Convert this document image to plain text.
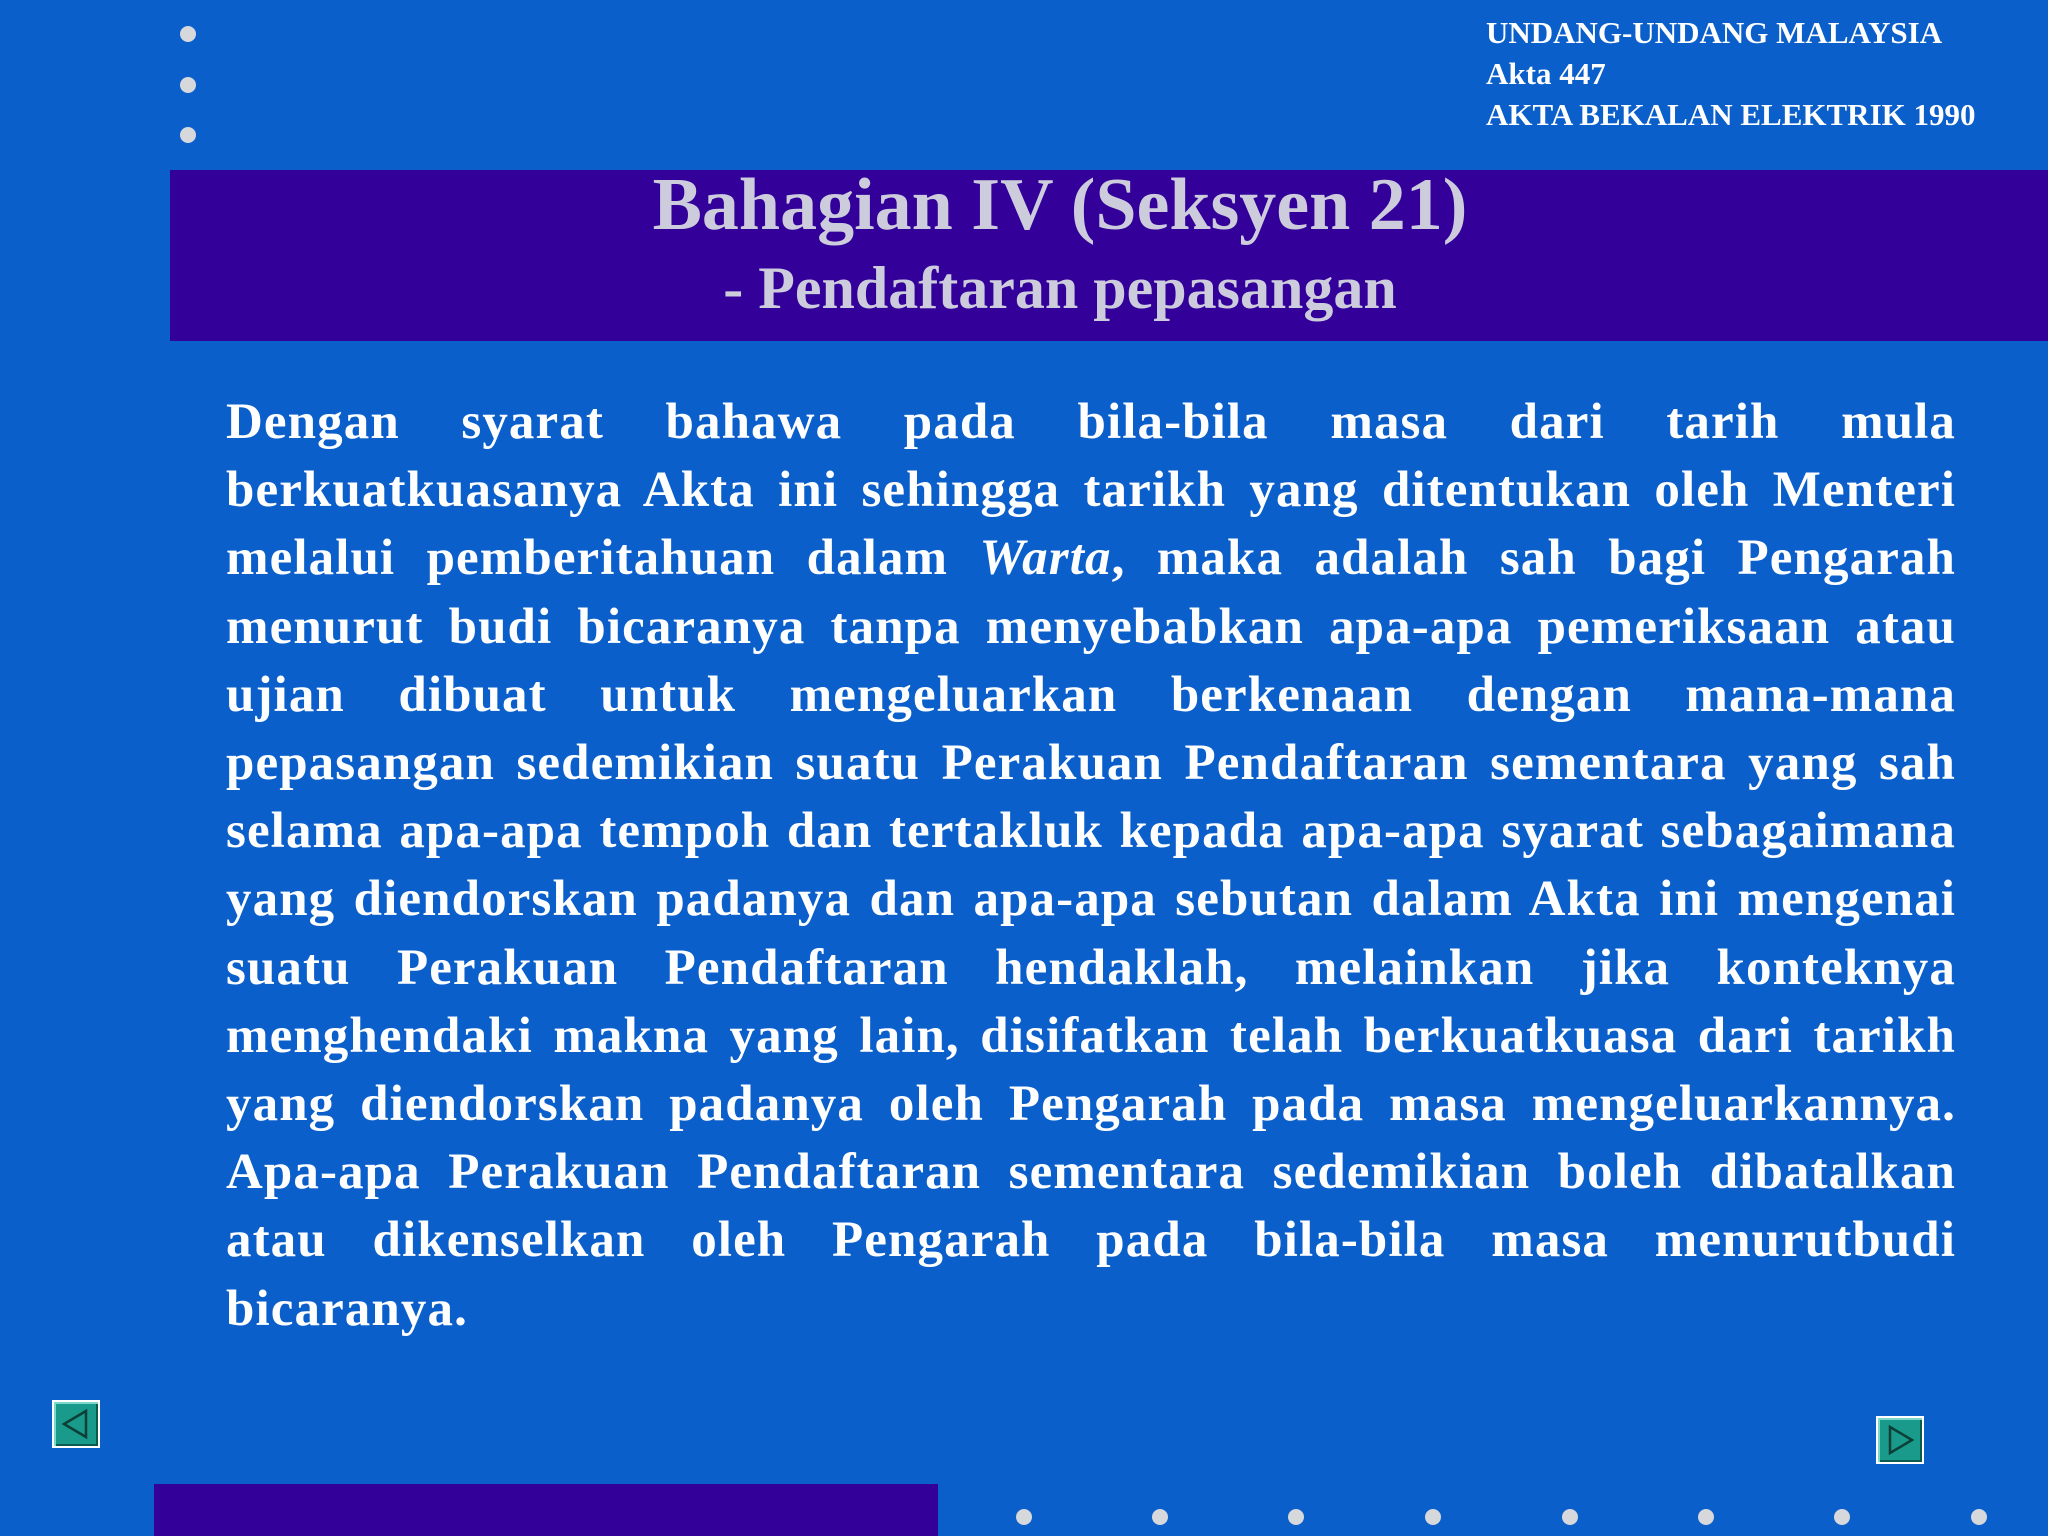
UNDANG-UNDANG MALAYSIA
Akta 447
AKTA BEKALAN ELEKTRIK 1990
Bahagian IV (Seksyen 21)
- Pendaftaran pepasangan
Dengan syarat bahawa pada bila-bila masa dari tarih mula berkuatkuasanya Akta ini sehingga tarikh yang ditentukan oleh Menteri melalui pemberitahuan dalam Warta, maka adalah sah bagi Pengarah menurut budi bicaranya tanpa menyebabkan apa-apa pemeriksaan atau ujian dibuat untuk mengeluarkan berkenaan dengan mana-mana pepasangan sedemikian suatu Perakuan Pendaftaran sementara yang sah selama apa-apa tempoh dan tertakluk kepada apa-apa syarat sebagaimana yang diendorskan padanya dan apa-apa sebutan dalam Akta ini mengenai suatu Perakuan Pendaftaran hendaklah, melainkan jika konteknya menghendaki makna yang lain, disifatkan telah berkuatkuasa dari tarikh yang diendorskan padanya oleh Pengarah pada masa mengeluarkannya. Apa-apa Perakuan Pendaftaran sementara sedemikian boleh dibatalkan atau dikenselkan oleh Pengarah pada bila-bila masa menurutbudi bicaranya.
